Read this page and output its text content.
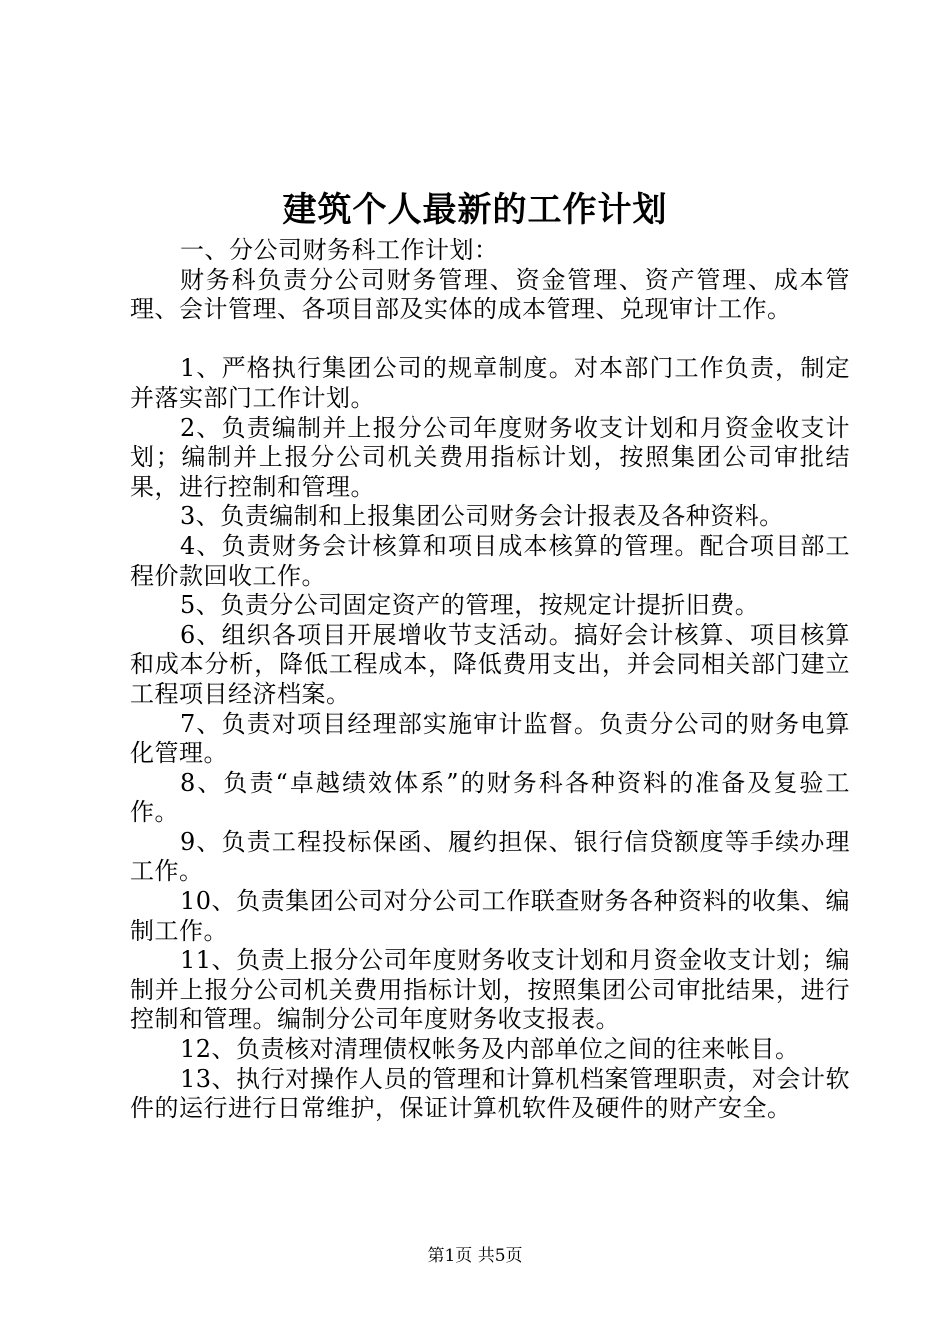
建筑个人最新的工作计划

一、分公司财务科工作计划：

财务科负责分公司财务管理、资金管理、资产管理、成本管理、会计管理、各项目部及实体的成本管理、兑现审计工作。

1、严格执行集团公司的规章制度。对本部门工作负责，制定并落实部门工作计划。

2、负责编制并上报分公司年度财务收支计划和月资金收支计划；编制并上报分公司机关费用指标计划，按照集团公司审批结果，进行控制和管理。

3、负责编制和上报集团公司财务会计报表及各种资料。

4、负责财务会计核算和项目成本核算的管理。配合项目部工程价款回收工作。

5、负责分公司固定资产的管理，按规定计提折旧费。

6、组织各项目开展增收节支活动。搞好会计核算、项目核算和成本分析，降低工程成本，降低费用支出，并会同相关部门建立工程项目经济档案。

7、负责对项目经理部实施审计监督。负责分公司的财务电算化管理。

8、负责“卓越绩效体系”的财务科各种资料的准备及复验工作。

9、负责工程投标保函、履约担保、银行信贷额度等手续办理工作。

10、负责集团公司对分公司工作联查财务各种资料的收集、编制工作。

11、负责上报分公司年度财务收支计划和月资金收支计划；编制并上报分公司机关费用指标计划，按照集团公司审批结果，进行控制和管理。编制分公司年度财务收支报表。

12、负责核对清理债权帐务及内部单位之间的往来帐目。

13、执行对操作人员的管理和计算机档案管理职责，对会计软件的运行进行日常维护，保证计算机软件及硬件的财产安全。

第1页 共5页
